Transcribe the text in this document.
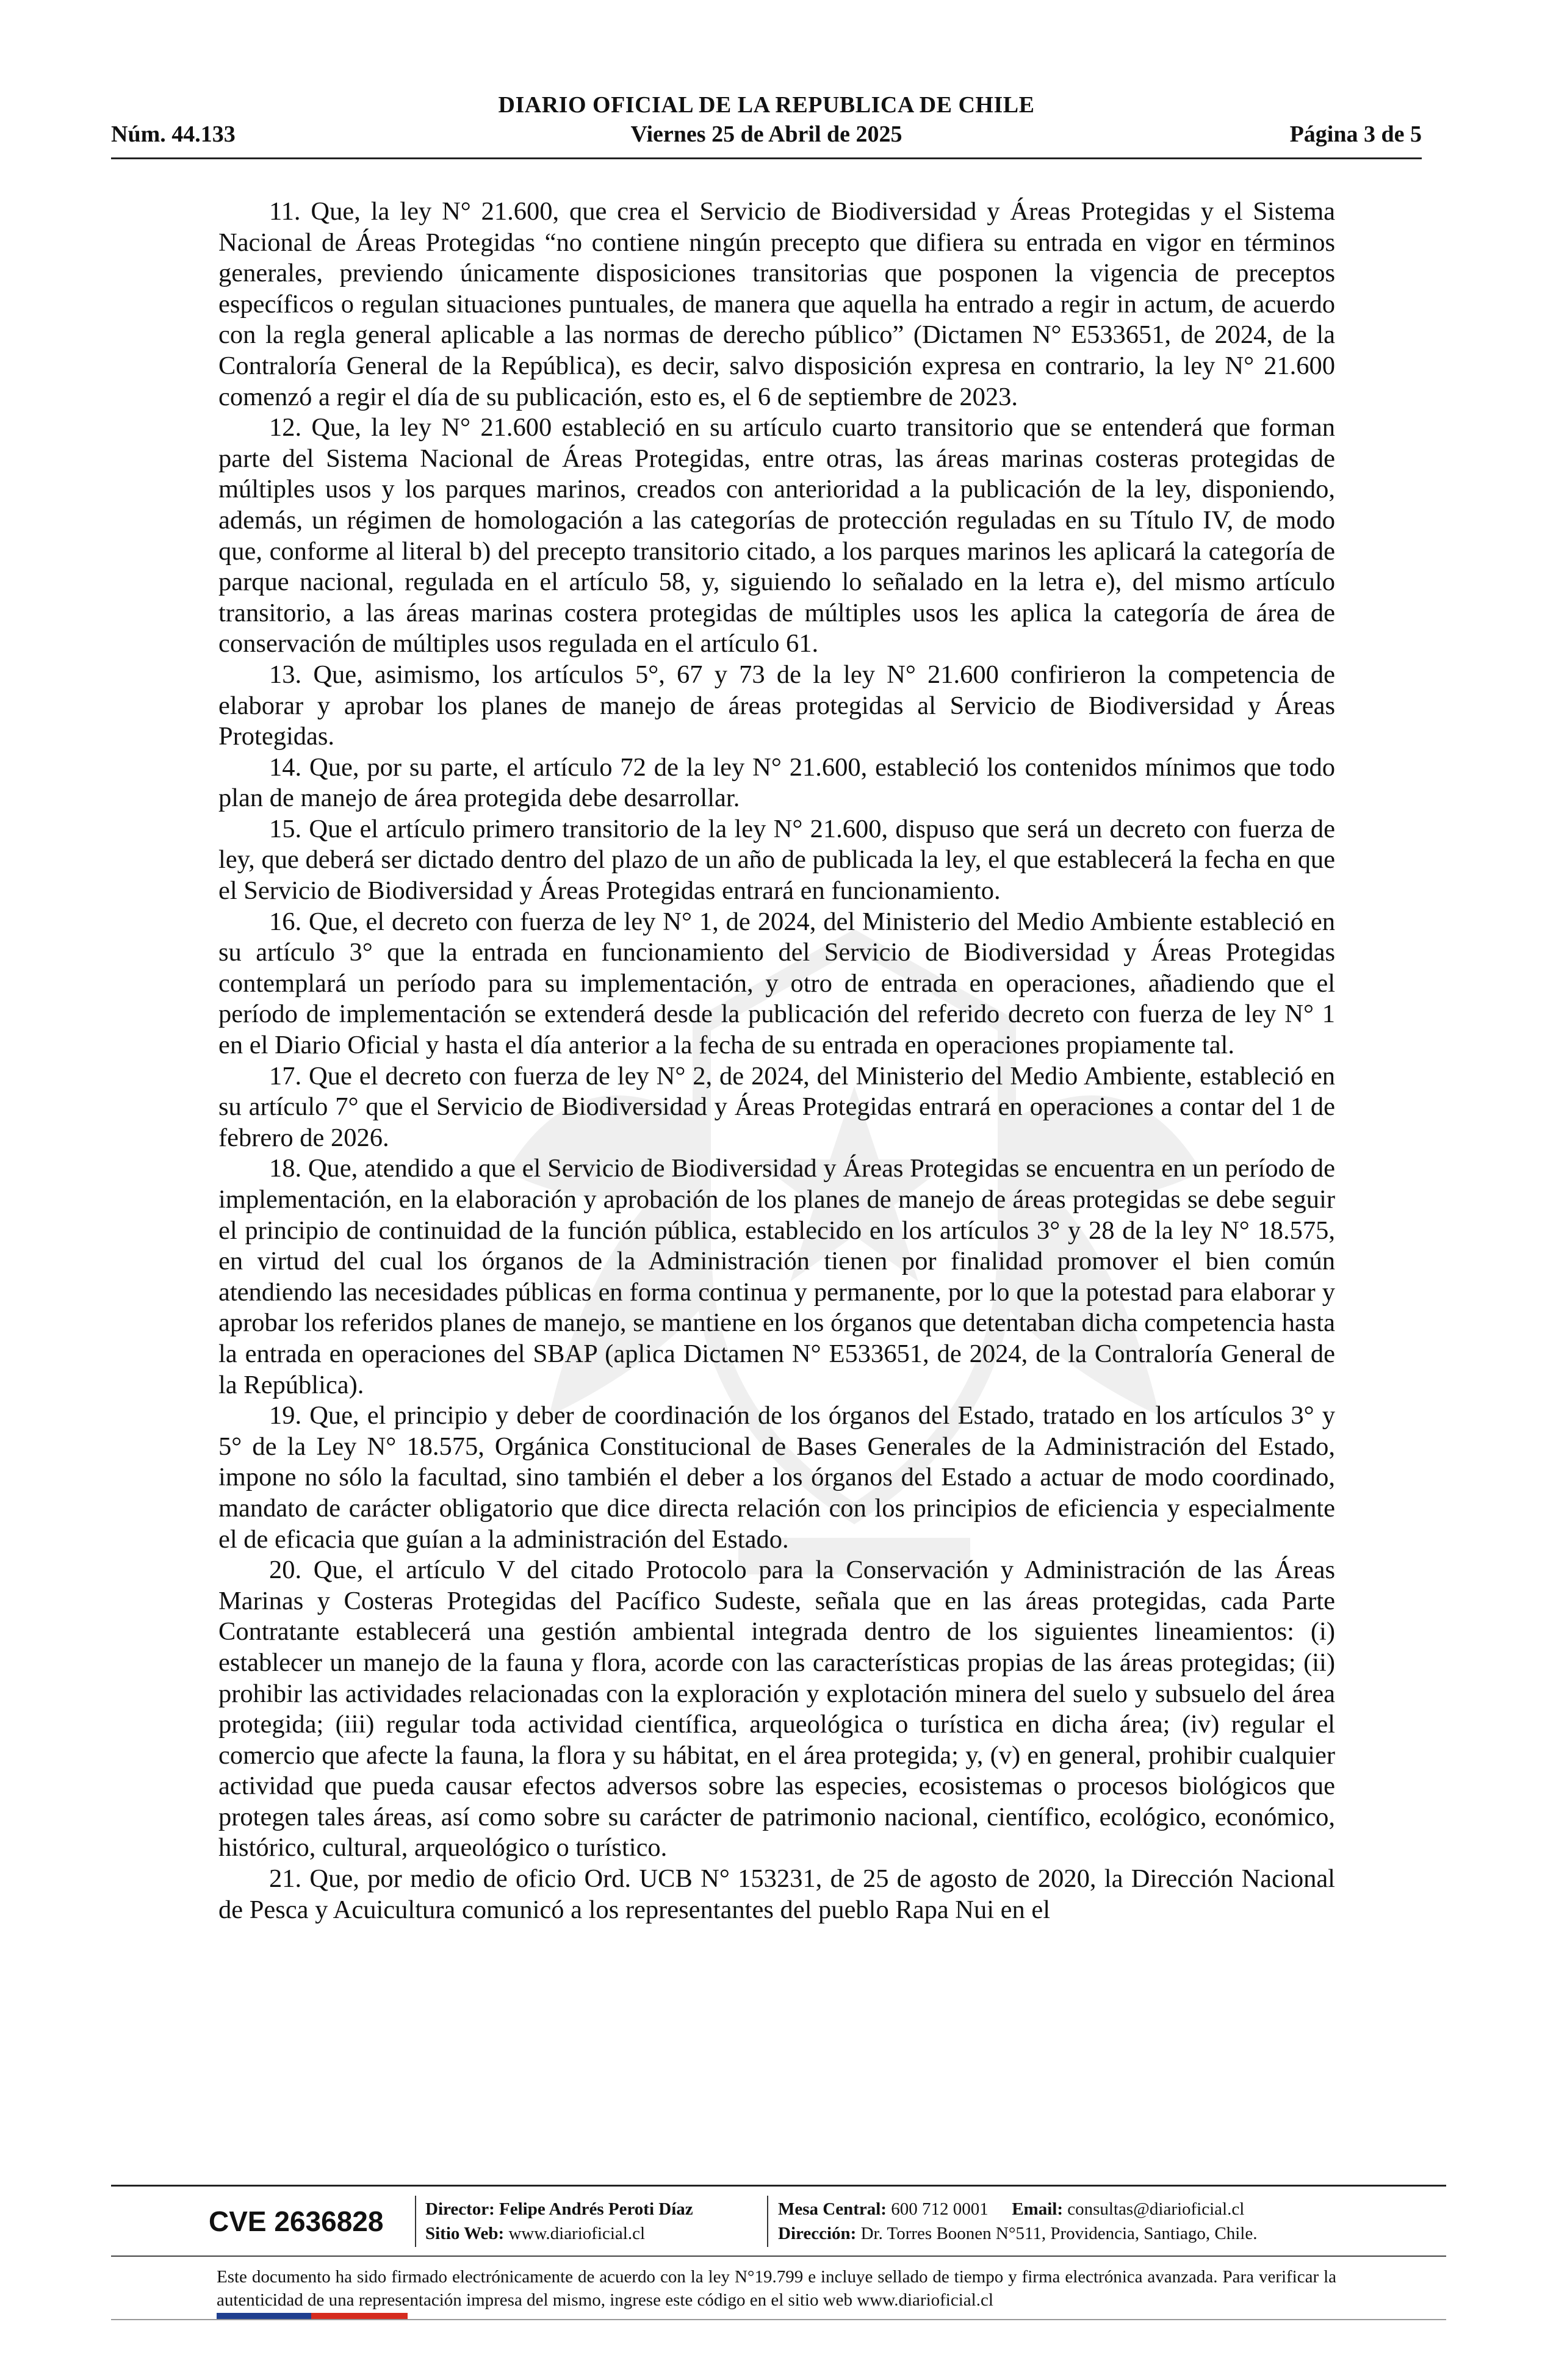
DIARIO OFICIAL DE LA REPUBLICA DE CHILE
Núm. 44.133	Viernes 25 de Abril de 2025	Página 3 de 5

11. Que, la ley N° 21.600, que crea el Servicio de Biodiversidad y Áreas Protegidas y el Sistema Nacional de Áreas Protegidas “no contiene ningún precepto que difiera su entrada en vigor en términos generales, previendo únicamente disposiciones transitorias que posponen la vigencia de preceptos específicos o regulan situaciones puntuales, de manera que aquella ha entrado a regir in actum, de acuerdo con la regla general aplicable a las normas de derecho público” (Dictamen N° E533651, de 2024, de la Contraloría General de la República), es decir, salvo disposición expresa en contrario, la ley N° 21.600 comenzó a regir el día de su publicación, esto es, el 6 de septiembre de 2023.

12. Que, la ley N° 21.600 estableció en su artículo cuarto transitorio que se entenderá que forman parte del Sistema Nacional de Áreas Protegidas, entre otras, las áreas marinas costeras protegidas de múltiples usos y los parques marinos, creados con anterioridad a la publicación de la ley, disponiendo, además, un régimen de homologación a las categorías de protección reguladas en su Título IV, de modo que, conforme al literal b) del precepto transitorio citado, a los parques marinos les aplicará la categoría de parque nacional, regulada en el artículo 58, y, siguiendo lo señalado en la letra e), del mismo artículo transitorio, a las áreas marinas costera protegidas de múltiples usos les aplica la categoría de área de conservación de múltiples usos regulada en el artículo 61.

13. Que, asimismo, los artículos 5°, 67 y 73 de la ley N° 21.600 confirieron la competencia de elaborar y aprobar los planes de manejo de áreas protegidas al Servicio de Biodiversidad y Áreas Protegidas.

14. Que, por su parte, el artículo 72 de la ley N° 21.600, estableció los contenidos mínimos que todo plan de manejo de área protegida debe desarrollar.

15. Que el artículo primero transitorio de la ley N° 21.600, dispuso que será un decreto con fuerza de ley, que deberá ser dictado dentro del plazo de un año de publicada la ley, el que establecerá la fecha en que el Servicio de Biodiversidad y Áreas Protegidas entrará en funcionamiento.

16. Que, el decreto con fuerza de ley N° 1, de 2024, del Ministerio del Medio Ambiente estableció en su artículo 3° que la entrada en funcionamiento del Servicio de Biodiversidad y Áreas Protegidas contemplará un período para su implementación, y otro de entrada en operaciones, añadiendo que el período de implementación se extenderá desde la publicación del referido decreto con fuerza de ley N° 1 en el Diario Oficial y hasta el día anterior a la fecha de su entrada en operaciones propiamente tal.

17. Que el decreto con fuerza de ley N° 2, de 2024, del Ministerio del Medio Ambiente, estableció en su artículo 7° que el Servicio de Biodiversidad y Áreas Protegidas entrará en operaciones a contar del 1 de febrero de 2026.

18. Que, atendido a que el Servicio de Biodiversidad y Áreas Protegidas se encuentra en un período de implementación, en la elaboración y aprobación de los planes de manejo de áreas protegidas se debe seguir el principio de continuidad de la función pública, establecido en los artículos 3° y 28 de la ley N° 18.575, en virtud del cual los órganos de la Administración tienen por finalidad promover el bien común atendiendo las necesidades públicas en forma continua y permanente, por lo que la potestad para elaborar y aprobar los referidos planes de manejo, se mantiene en los órganos que detentaban dicha competencia hasta la entrada en operaciones del SBAP (aplica Dictamen N° E533651, de 2024, de la Contraloría General de la República).

19. Que, el principio y deber de coordinación de los órganos del Estado, tratado en los artículos 3° y 5° de la Ley N° 18.575, Orgánica Constitucional de Bases Generales de la Administración del Estado, impone no sólo la facultad, sino también el deber a los órganos del Estado a actuar de modo coordinado, mandato de carácter obligatorio que dice directa relación con los principios de eficiencia y especialmente el de eficacia que guían a la administración del Estado.

20. Que, el artículo V del citado Protocolo para la Conservación y Administración de las Áreas Marinas y Costeras Protegidas del Pacífico Sudeste, señala que en las áreas protegidas, cada Parte Contratante establecerá una gestión ambiental integrada dentro de los siguientes lineamientos: (i) establecer un manejo de la fauna y flora, acorde con las características propias de las áreas protegidas; (ii) prohibir las actividades relacionadas con la exploración y explotación minera del suelo y subsuelo del área protegida; (iii) regular toda actividad científica, arqueológica o turística en dicha área; (iv) regular el comercio que afecte la fauna, la flora y su hábitat, en el área protegida; y, (v) en general, prohibir cualquier actividad que pueda causar efectos adversos sobre las especies, ecosistemas o procesos biológicos que protegen tales áreas, así como sobre su carácter de patrimonio nacional, científico, ecológico, económico, histórico, cultural, arqueológico o turístico.

21. Que, por medio de oficio Ord. UCB N° 153231, de 25 de agosto de 2020, la Dirección Nacional de Pesca y Acuicultura comunicó a los representantes del pueblo Rapa Nui en el

CVE 2636828 Director: Felipe Andrés Peroti Díaz
Sitio Web: www.diarioficial.cl
Mesa Central: 600 712 0001 Email: consultas@diarioficial.cl
Dirección: Dr. Torres Boonen N°511, Providencia, Santiago, Chile.
Este documento ha sido firmado electrónicamente de acuerdo con la ley N°19.799 e incluye sellado de tiempo y firma electrónica avanzada. Para verificar la autenticidad de una representación impresa del mismo, ingrese este código en el sitio web www.diarioficial.cl
